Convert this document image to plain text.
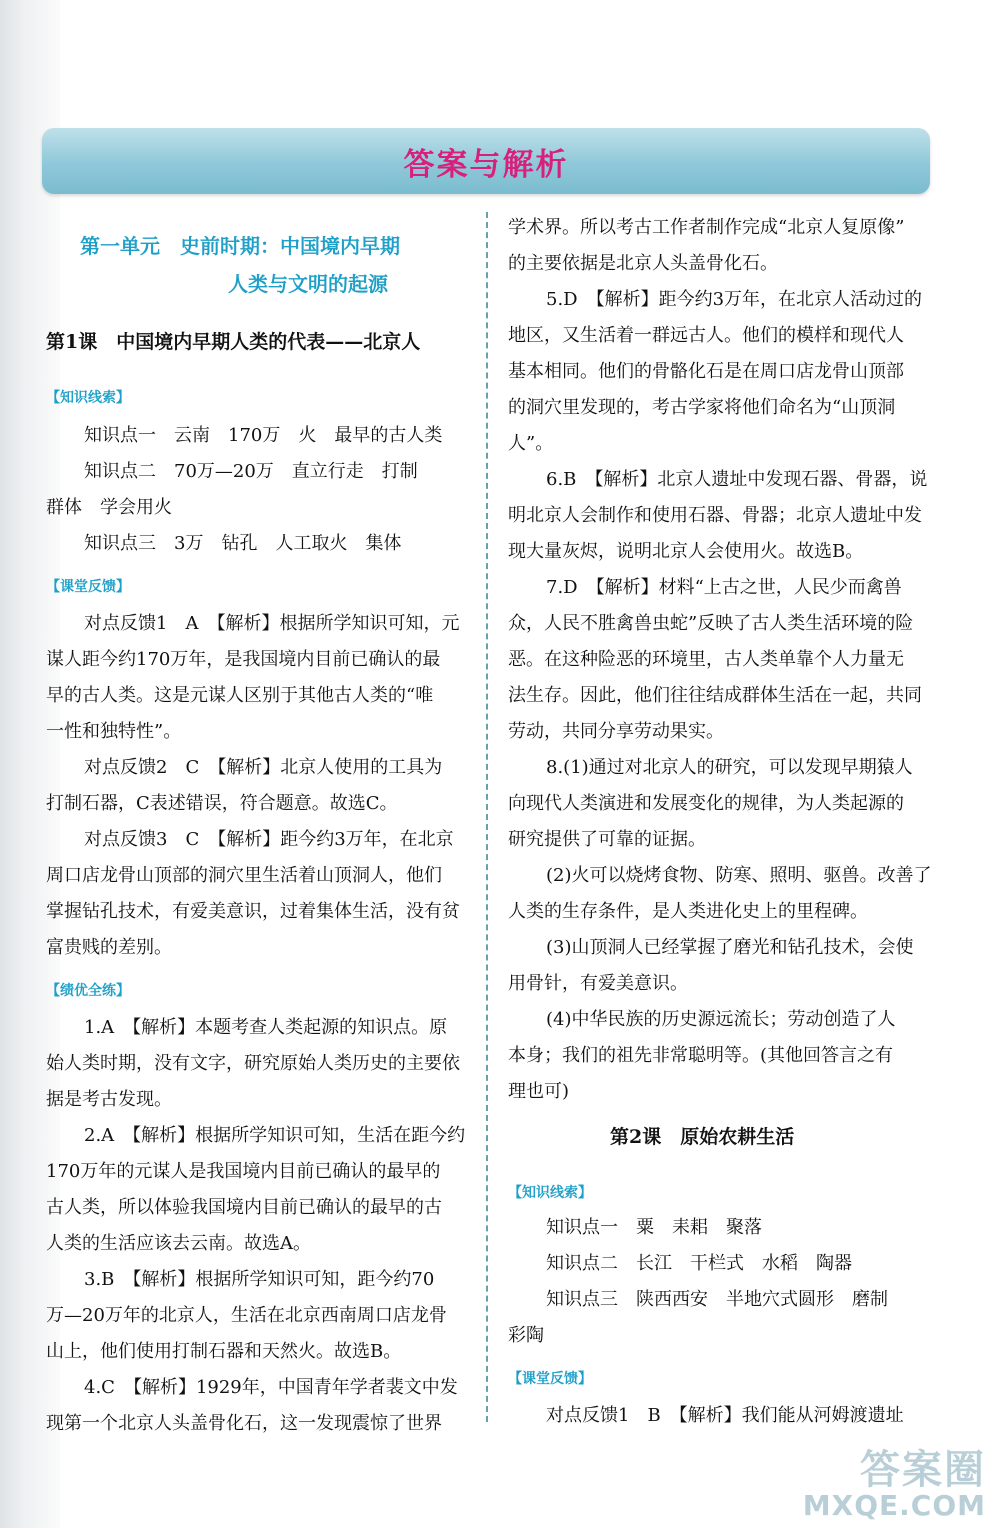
答案与解析
第一单元　史前时期：中国境内早期
人类与文明的起源
第1课　中国境内早期人类的代表——北京人
【知识线索】
知识点一　云南　170万　火　最早的古人类
知识点二　70万—20万　直立行走　打制
群体　学会用火
知识点三　3万　钻孔　人工取火　集体
【课堂反馈】
对点反馈1　A　【解析】根据所学知识可知，元
谋人距今约170万年，是我国境内目前已确认的最
早的古人类。这是元谋人区别于其他古人类的“唯
一性和独特性”。
对点反馈2　C　【解析】北京人使用的工具为
打制石器，C表述错误，符合题意。故选C。
对点反馈3　C　【解析】距今约3万年，在北京
周口店龙骨山顶部的洞穴里生活着山顶洞人，他们
掌握钻孔技术，有爱美意识，过着集体生活，没有贫
富贵贱的差别。
【绩优全练】
1.A　【解析】本题考查人类起源的知识点。原
始人类时期，没有文字，研究原始人类历史的主要依
据是考古发现。
2.A　【解析】根据所学知识可知，生活在距今约
170万年的元谋人是我国境内目前已确认的最早的
古人类，所以体验我国境内目前已确认的最早的古
人类的生活应该去云南。故选A。
3.B　【解析】根据所学知识可知，距今约70
万—20万年的北京人，生活在北京西南周口店龙骨
山上，他们使用打制石器和天然火。故选B。
4.C　【解析】1929年，中国青年学者裴文中发
现第一个北京人头盖骨化石，这一发现震惊了世界
学术界。所以考古工作者制作完成“北京人复原像”
的主要依据是北京人头盖骨化石。
5.D　【解析】距今约3万年，在北京人活动过的
地区，又生活着一群远古人。他们的模样和现代人
基本相同。他们的骨骼化石是在周口店龙骨山顶部
的洞穴里发现的，考古学家将他们命名为“山顶洞
人”。
6.B　【解析】北京人遗址中发现石器、骨器，说
明北京人会制作和使用石器、骨器；北京人遗址中发
现大量灰烬，说明北京人会使用火。故选B。
7.D　【解析】材料“上古之世，人民少而禽兽
众，人民不胜禽兽虫蛇”反映了古人类生活环境的险
恶。在这种险恶的环境里，古人类单靠个人力量无
法生存。因此，他们往往结成群体生活在一起，共同
劳动，共同分享劳动果实。
8.(1)通过对北京人的研究，可以发现早期猿人
向现代人类演进和发展变化的规律，为人类起源的
研究提供了可靠的证据。
(2)火可以烧烤食物、防寒、照明、驱兽。改善了
人类的生存条件，是人类进化史上的里程碑。
(3)山顶洞人已经掌握了磨光和钻孔技术，会使
用骨针，有爱美意识。
(4)中华民族的历史源远流长；劳动创造了人
本身；我们的祖先非常聪明等。(其他回答言之有
理也可)
第2课　原始农耕生活
【知识线索】
知识点一　粟　耒耜　聚落
知识点二　长江　干栏式　水稻　陶器
知识点三　陕西西安　半地穴式圆形　磨制
彩陶
【课堂反馈】
对点反馈1　B　【解析】我们能从河姆渡遗址
答案圈
MXQE.COM
